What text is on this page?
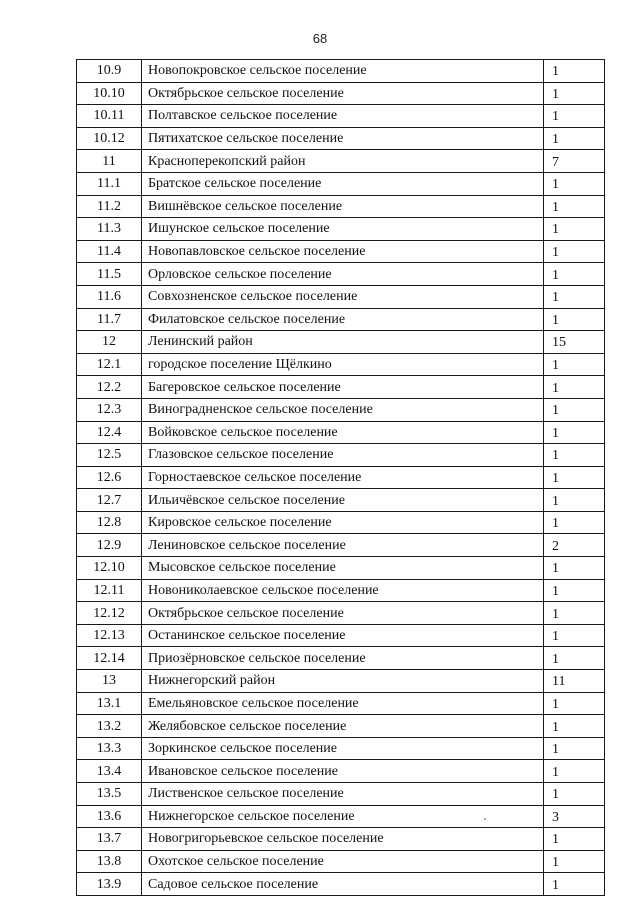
68
10.9	Новопокровское сельское поселение	1
10.10	Октябрьское сельское поселение	1
10.11	Полтавское сельское поселение	1
10.12	Пятихатское сельское поселение	1
11	Красноперекопский район	7
11.1	Братское сельское поселение	1
11.2	Вишнёвское сельское поселение	1
11.3	Ишунское сельское поселение	1
11.4	Новопавловское сельское поселение	1
11.5	Орловское сельское поселение	1
11.6	Совхозненское сельское поселение	1
11.7	Филатовское сельское поселение	1
12	Ленинский район	15
12.1	городское поселение Щёлкино	1
12.2	Багеровское сельское поселение	1
12.3	Виноградненское сельское поселение	1
12.4	Войковское сельское поселение	1
12.5	Глазовское сельское поселение	1
12.6	Горностаевское сельское поселение	1
12.7	Ильичёвское сельское поселение	1
12.8	Кировское сельское поселение	1
12.9	Лениновское сельское поселение	2
12.10	Мысовское сельское поселение	1
12.11	Новониколаевское сельское поселение	1
12.12	Октябрьское сельское поселение	1
12.13	Останинское сельское поселение	1
12.14	Приозёрновское сельское поселение	1
13	Нижнегорский район	11
13.1	Емельяновское сельское поселение	1
13.2	Желябовское сельское поселение	1
13.3	Зоркинское сельское поселение	1
13.4	Ивановское сельское поселение	1
13.5	Лиственское сельское поселение	1
13.6	Нижнегорское сельское поселение	3
13.7	Новогригорьевское сельское поселение	1
13.8	Охотское сельское поселение	1
13.9	Садовое сельское поселение	1
